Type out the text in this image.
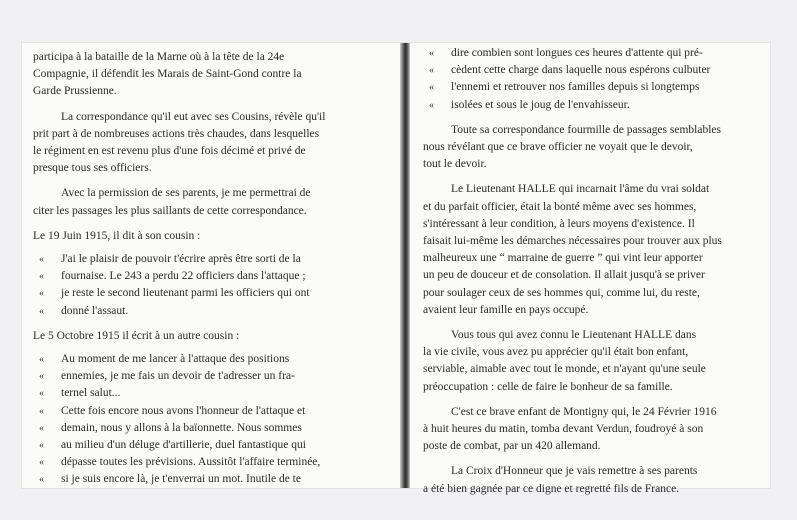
participa à la bataille de la Marne où à la tête de la 24e
Compagnie, il défendit les Marais de Saint-Gond contre la
Garde Prussienne.

La correspondance qu'il eut avec ses Cousins, révèle qu'il
prit part à de nombreuses actions très chaudes, dans lesquelles
le régiment en est revenu plus d'une fois décimé et privé de
presque tous ses officiers.

Avec la permission de ses parents, je me permettrai de
citer les passages les plus saillants de cette correspondance.

Le 19 Juin 1915, il dit à son cousin :

« J'ai le plaisir de pouvoir t'écrire après être sorti de la
« fournaise. Le 243 a perdu 22 officiers dans l'attaque ;
« je reste le second lieutenant parmi les officiers qui ont
« donné l'assaut.

Le 5 Octobre 1915 il écrit à un autre cousin :

« Au moment de me lancer à l'attaque des positions
« ennemies, je me fais un devoir de t'adresser un fra-
« ternel salut...
« Cette fois encore nous avons l'honneur de l'attaque et
« demain, nous y allons à la baïonnette. Nous sommes
« au milieu d'un déluge d'artillerie, duel fantastique qui
« dépasse toutes les prévisions. Aussitôt l'affaire terminée,
« si je suis encore là, je t'enverrai un mot. Inutile de te
« dire combien sont longues ces heures d'attente qui pré-
« cèdent cette charge dans laquelle nous espérons culbuter
« l'ennemi et retrouver nos familles depuis si longtemps
« isolées et sous le joug de l'envahisseur.

Toute sa correspondance fourmille de passages semblables
nous révélant que ce brave officier ne voyait que le devoir,
tout le devoir.

Le Lieutenant HALLE qui incarnait l'âme du vrai soldat
et du parfait officier, était la bonté même avec ses hommes,
s'intéressant à leur condition, à leurs moyens d'existence. Il
faisait lui-même les démarches nécessaires pour trouver aux plus
malheureux une “ marraine de guerre ” qui vint leur apporter
un peu de douceur et de consolation. Il allait jusqu'à se priver
pour soulager ceux de ses hommes qui, comme lui, du reste,
avaient leur famille en pays occupé.

Vous tous qui avez connu le Lieutenant HALLE dans
la vie civile, vous avez pu apprécier qu'il était bon enfant,
serviable, aimable avec tout le monde, et n'ayant qu'une seule
préoccupation : celle de faire le bonheur de sa famille.

C'est ce brave enfant de Montigny qui, le 24 Février 1916
à huit heures du matin, tomba devant Verdun, foudroyé à son
poste de combat, par un 420 allemand.

La Croix d'Honneur que je vais remettre à ses parents
a été bien gagnée par ce digne et regretté fils de France.
